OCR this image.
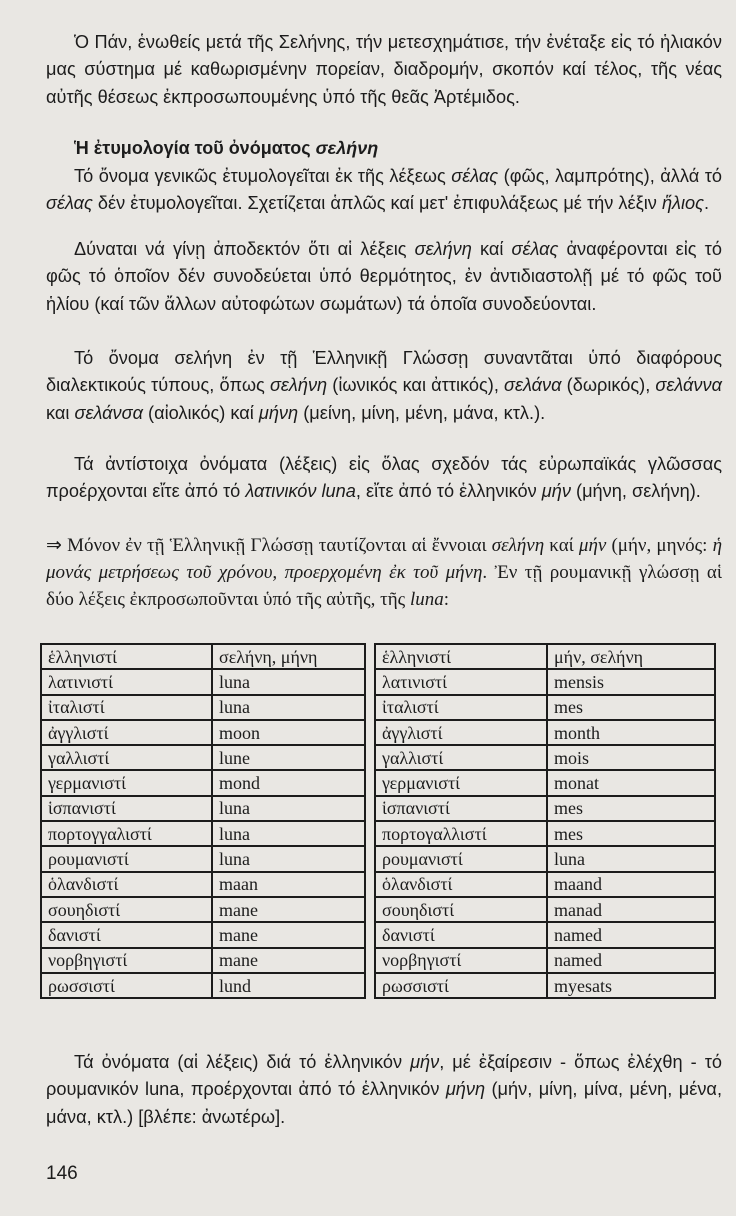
Ὁ Πάν, ἑνωθείς μετά τῆς Σελήνης, τήν μετεσχημάτισε, τήν ἐνέταξε εἰς τό ἡλιακόν μας σύστημα μέ καθωρισμένην πορείαν, διαδρομήν, σκοπόν καί τέλος, τῆς νέας αὐτῆς θέσεως ἐκπροσωπουμένης ὑπό τῆς θεᾶς Ἀρτέμιδος.
Ἡ ἐτυμολογία τοῦ ὀνόματος σελήνη
Τό ὄνομα γενικῶς ἐτυμολογεῖται ἐκ τῆς λέξεως σέλας (φῶς, λαμπρότης), ἀλλά τό σέλας δέν ἐτυμολογεῖται. Σχετίζεται ἁπλῶς καί μετ' ἐπιφυλάξεως μέ τήν λέξιν ἥλιος.
Δύναται νά γίνῃ ἀποδεκτόν ὅτι αἱ λέξεις σελήνη καί σέλας ἀναφέρονται εἰς τό φῶς τό ὁποῖον δέν συνοδεύεται ὑπό θερμότητος, ἐν ἀντιδιαστολῇ μέ τό φῶς τοῦ ἡλίου (καί τῶν ἄλλων αὐτοφώτων σωμάτων) τά ὁποῖα συνοδεύονται.
Τό ὄνομα σελήνη ἐν τῇ Ἑλληνικῇ Γλώσσῃ συναντᾶται ὑπό διαφόρους διαλεκτικούς τύπους, ὅπως σελήνη (ἰωνικός και ἀττικός), σελάνα (δωρικός), σελάννα και σελάνσα (αἰολικός) καί μήνη (μείνη, μίνη, μένη, μάνα, κτλ.).
Τά ἀντίστοιχα ὀνόματα (λέξεις) εἰς ὅλας σχεδόν τάς εὐρωπαϊκάς γλῶσσας προέρχονται εἴτε ἀπό τό λατινικόν luna, εἴτε ἀπό τό ἑλληνικόν μήν (μήνη, σελήνη).
⇒ Μόνον ἐν τῇ Ἑλληνικῇ Γλώσσῃ ταυτίζονται αἱ ἔννοιαι σελήνη καί μήν (μήν, μηνός: ἡ μονάς μετρήσεως τοῦ χρόνου, προερχομένη ἐκ τοῦ μήνη. Ἐν τῇ ρουμανικῇ γλώσσῃ αἱ δύο λέξεις ἐκπροσωποῦνται ὑπό τῆς αὐτῆς, τῆς luna:
ἑλληνιστί	σελήνη, μήνη
λατινιστί	luna
ἰταλιστί	luna
ἀγγλιστί	moon
γαλλιστί	lune
γερμανιστί	mond
ἱσπανιστί	luna
πορτογγαλιστί	luna
ρουμανιστί	luna
ὁλανδιστί	maan
σουηδιστί	mane
δανιστί	mane
νορβηγιστί	mane
ρωσσιστί	lund
ἑλληνιστί	μήν, σελήνη
λατινιστί	mensis
ἰταλιστί	mes
ἀγγλιστί	month
γαλλιστί	mois
γερμανιστί	monat
ἱσπανιστί	mes
πορτογαλλιστί	mes
ρουμανιστί	luna
ὁλανδιστί	maand
σουηδιστί	manad
δανιστί	named
νορβηγιστί	named
ρωσσιστί	myesats
Τά ὀνόματα (αἱ λέξεις) διά τό ἑλληνικόν μήν, μέ ἐξαίρεσιν - ὅπως ἐλέχθη - τό ρουμανικόν luna, προέρχονται ἀπό τό ἑλληνικόν μήνη (μήν, μίνη, μίνα, μένη, μένα, μάνα, κτλ.) [βλέπε: ἀνωτέρω].
146
